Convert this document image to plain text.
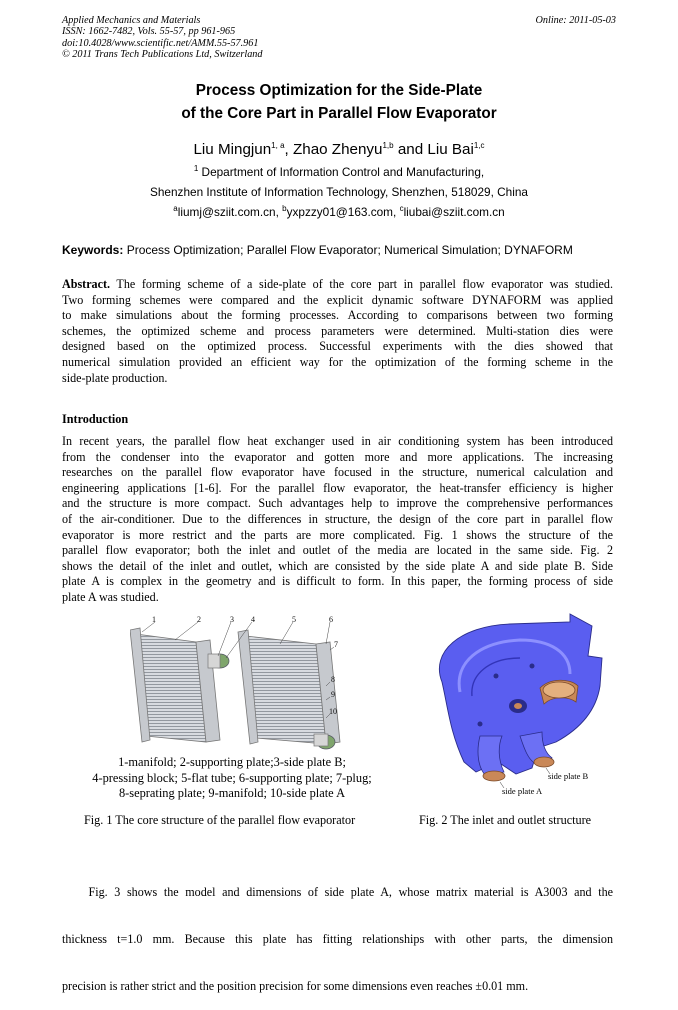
Applied Mechanics and Materials
ISSN: 1662-7482, Vols. 55-57, pp 961-965
doi:10.4028/www.scientific.net/AMM.55-57.961
© 2011 Trans Tech Publications Ltd, Switzerland
Online: 2011-05-03
Process Optimization for the Side-Plate
of the Core Part in Parallel Flow Evaporator
Liu Mingjun$^{1, a}$, Zhao Zhenyu$^{1,b}$ and Liu Bai$^{1,c}$
$^1$ Department of Information Control and Manufacturing,
Shenzhen Institute of Information Technology, Shenzhen, 518029, China
$^a$liumj@sziit.com.cn, $^b$yxpzzy01@163.com, $^c$liubai@sziit.com.cn
Keywords: Process Optimization; Parallel Flow Evaporator; Numerical Simulation; DYNAFORM
Abstract. The forming scheme of a side-plate of the core part in parallel flow evaporator was studied.
Two forming schemes were compared and the explicit dynamic software DYNAFORM was applied
to make simulations about the forming processes. According to comparisons between two forming
schemes, the optimized scheme and process parameters were determined. Multi-station dies were
designed based on the optimized process. Successful experiments with the dies showed that
numerical simulation provided an efficient way for the optimization of the forming scheme in the
side-plate production.
Introduction
In recent years, the parallel flow heat exchanger used in air conditioning system has been introduced
from the condenser into the evaporator and gotten more and more applications. The increasing
researches on the parallel flow evaporator have focused in the structure, numerical calculation and
engineering applications [1-6]. For the parallel flow evaporator, the heat-transfer efficiency is higher
and the structure is more compact. Such advantages help to improve the comprehensive performances
of the air-conditioner. Due to the differences in structure, the design of the core part in parallel flow
evaporator is more restrict and the parts are more complicated. Fig. 1 shows the structure of the
parallel flow evaporator; both the inlet and outlet of the media are located in the same side. Fig. 2
shows the detail of the inlet and outlet, which are consisted by the side plate A and side plate B. Side
plate A is complex in the geometry and is difficult to form. In this paper, the forming process of side
plate A was studied.
1	2	3 4	5	6
7
8
9
10
1-manifold; 2-supporting plate;3-side plate B;
4-pressing block; 5-flat tube; 6-supporting plate; 7-plug;
8-seprating plate; 9-manifold; 10-side plate A
Fig. 1 The core structure of the parallel flow evaporator
side plate B
side plate A
Fig. 2 The inlet and outlet structure

Fig. 3 shows the model and dimensions of side plate A, whose matrix material is A3003 and the

thickness t=1.0 mm. Because this plate has fitting relationships with other parts, the dimension

precision is rather strict and the position precision for some dimensions even reaches ±0.01 mm.
